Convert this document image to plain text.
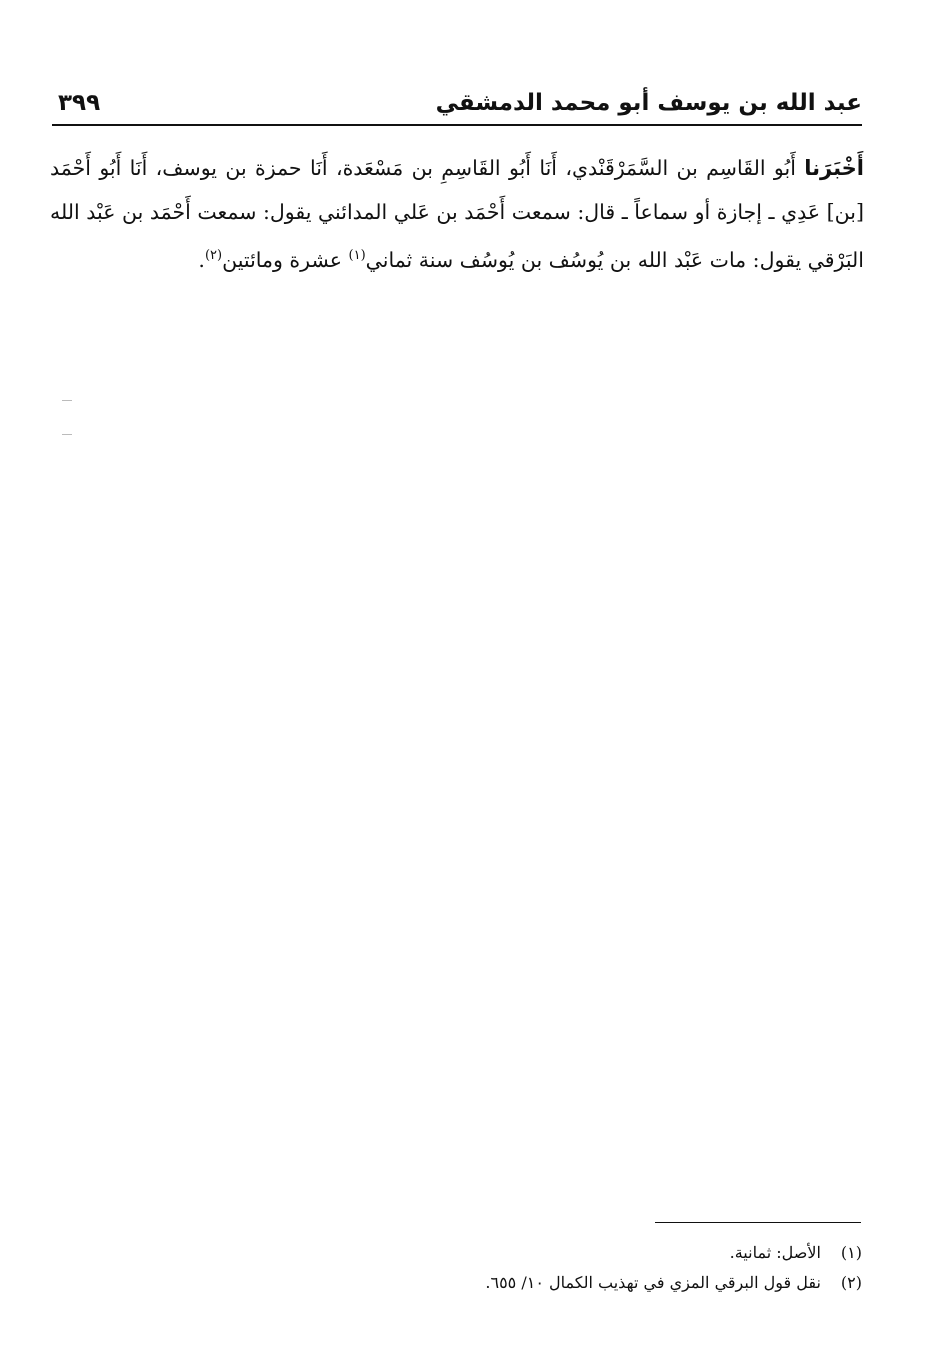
عبد الله بن يوسف أبو محمد الدمشقي
٣٩٩
أَخْبَرَنا أَبُو القَاسِم بن السَّمَرْقَنْدي، أَنَا أَبُو القَاسِمِ بن مَسْعَدة، أَنَا حمزة بن يوسف، أَنَا أَبُو أَحْمَد [بن] عَدِي ـ إجازة أو سماعاً ـ قال: سمعت أَحْمَد بن عَلي المدائني يقول: سمعت أَحْمَد بن عَبْد الله البَرْقي يقول: مات عَبْد الله بن يُوسُف بن يُوسُف سنة ثماني$^{(١)}$ عشرة ومائتين$^{(٢)}$.
(١) الأصل: ثمانية.
(٢) نقل قول البرقي المزي في تهذيب الكمال ١٠/ ٦٥٥.
